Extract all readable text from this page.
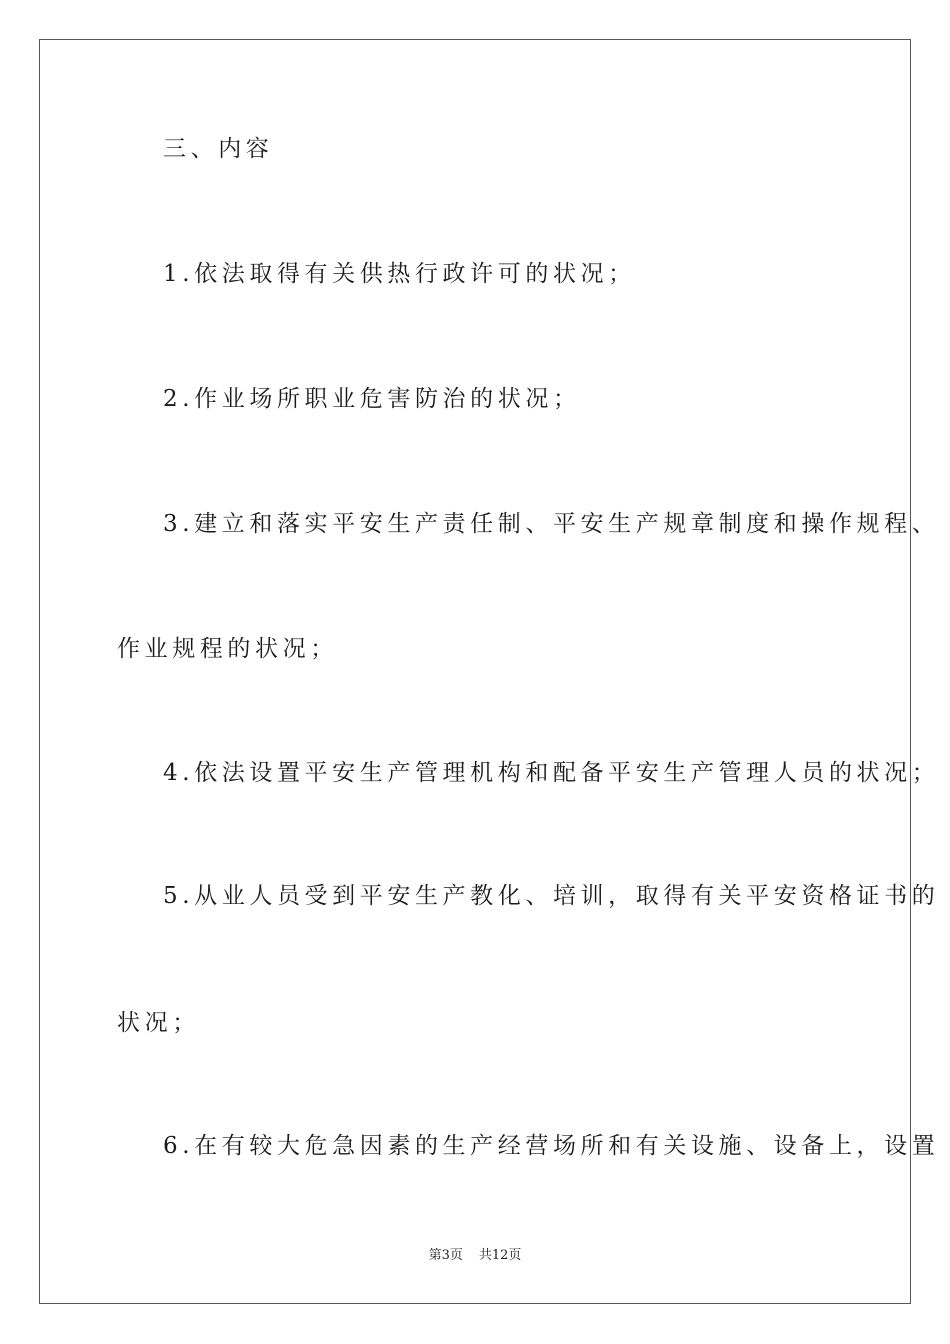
三、内容
1.依法取得有关供热行政许可的状况；
2.作业场所职业危害防治的状况；
3.建立和落实平安生产责任制、平安生产规章制度和操作规程、
作业规程的状况；
4.依法设置平安生产管理机构和配备平安生产管理人员的状况；
5.从业人员受到平安生产教化、培训，取得有关平安资格证书的
状况；
6.在有较大危急因素的生产经营场所和有关设施、设备上，设置
第3页 共12页
